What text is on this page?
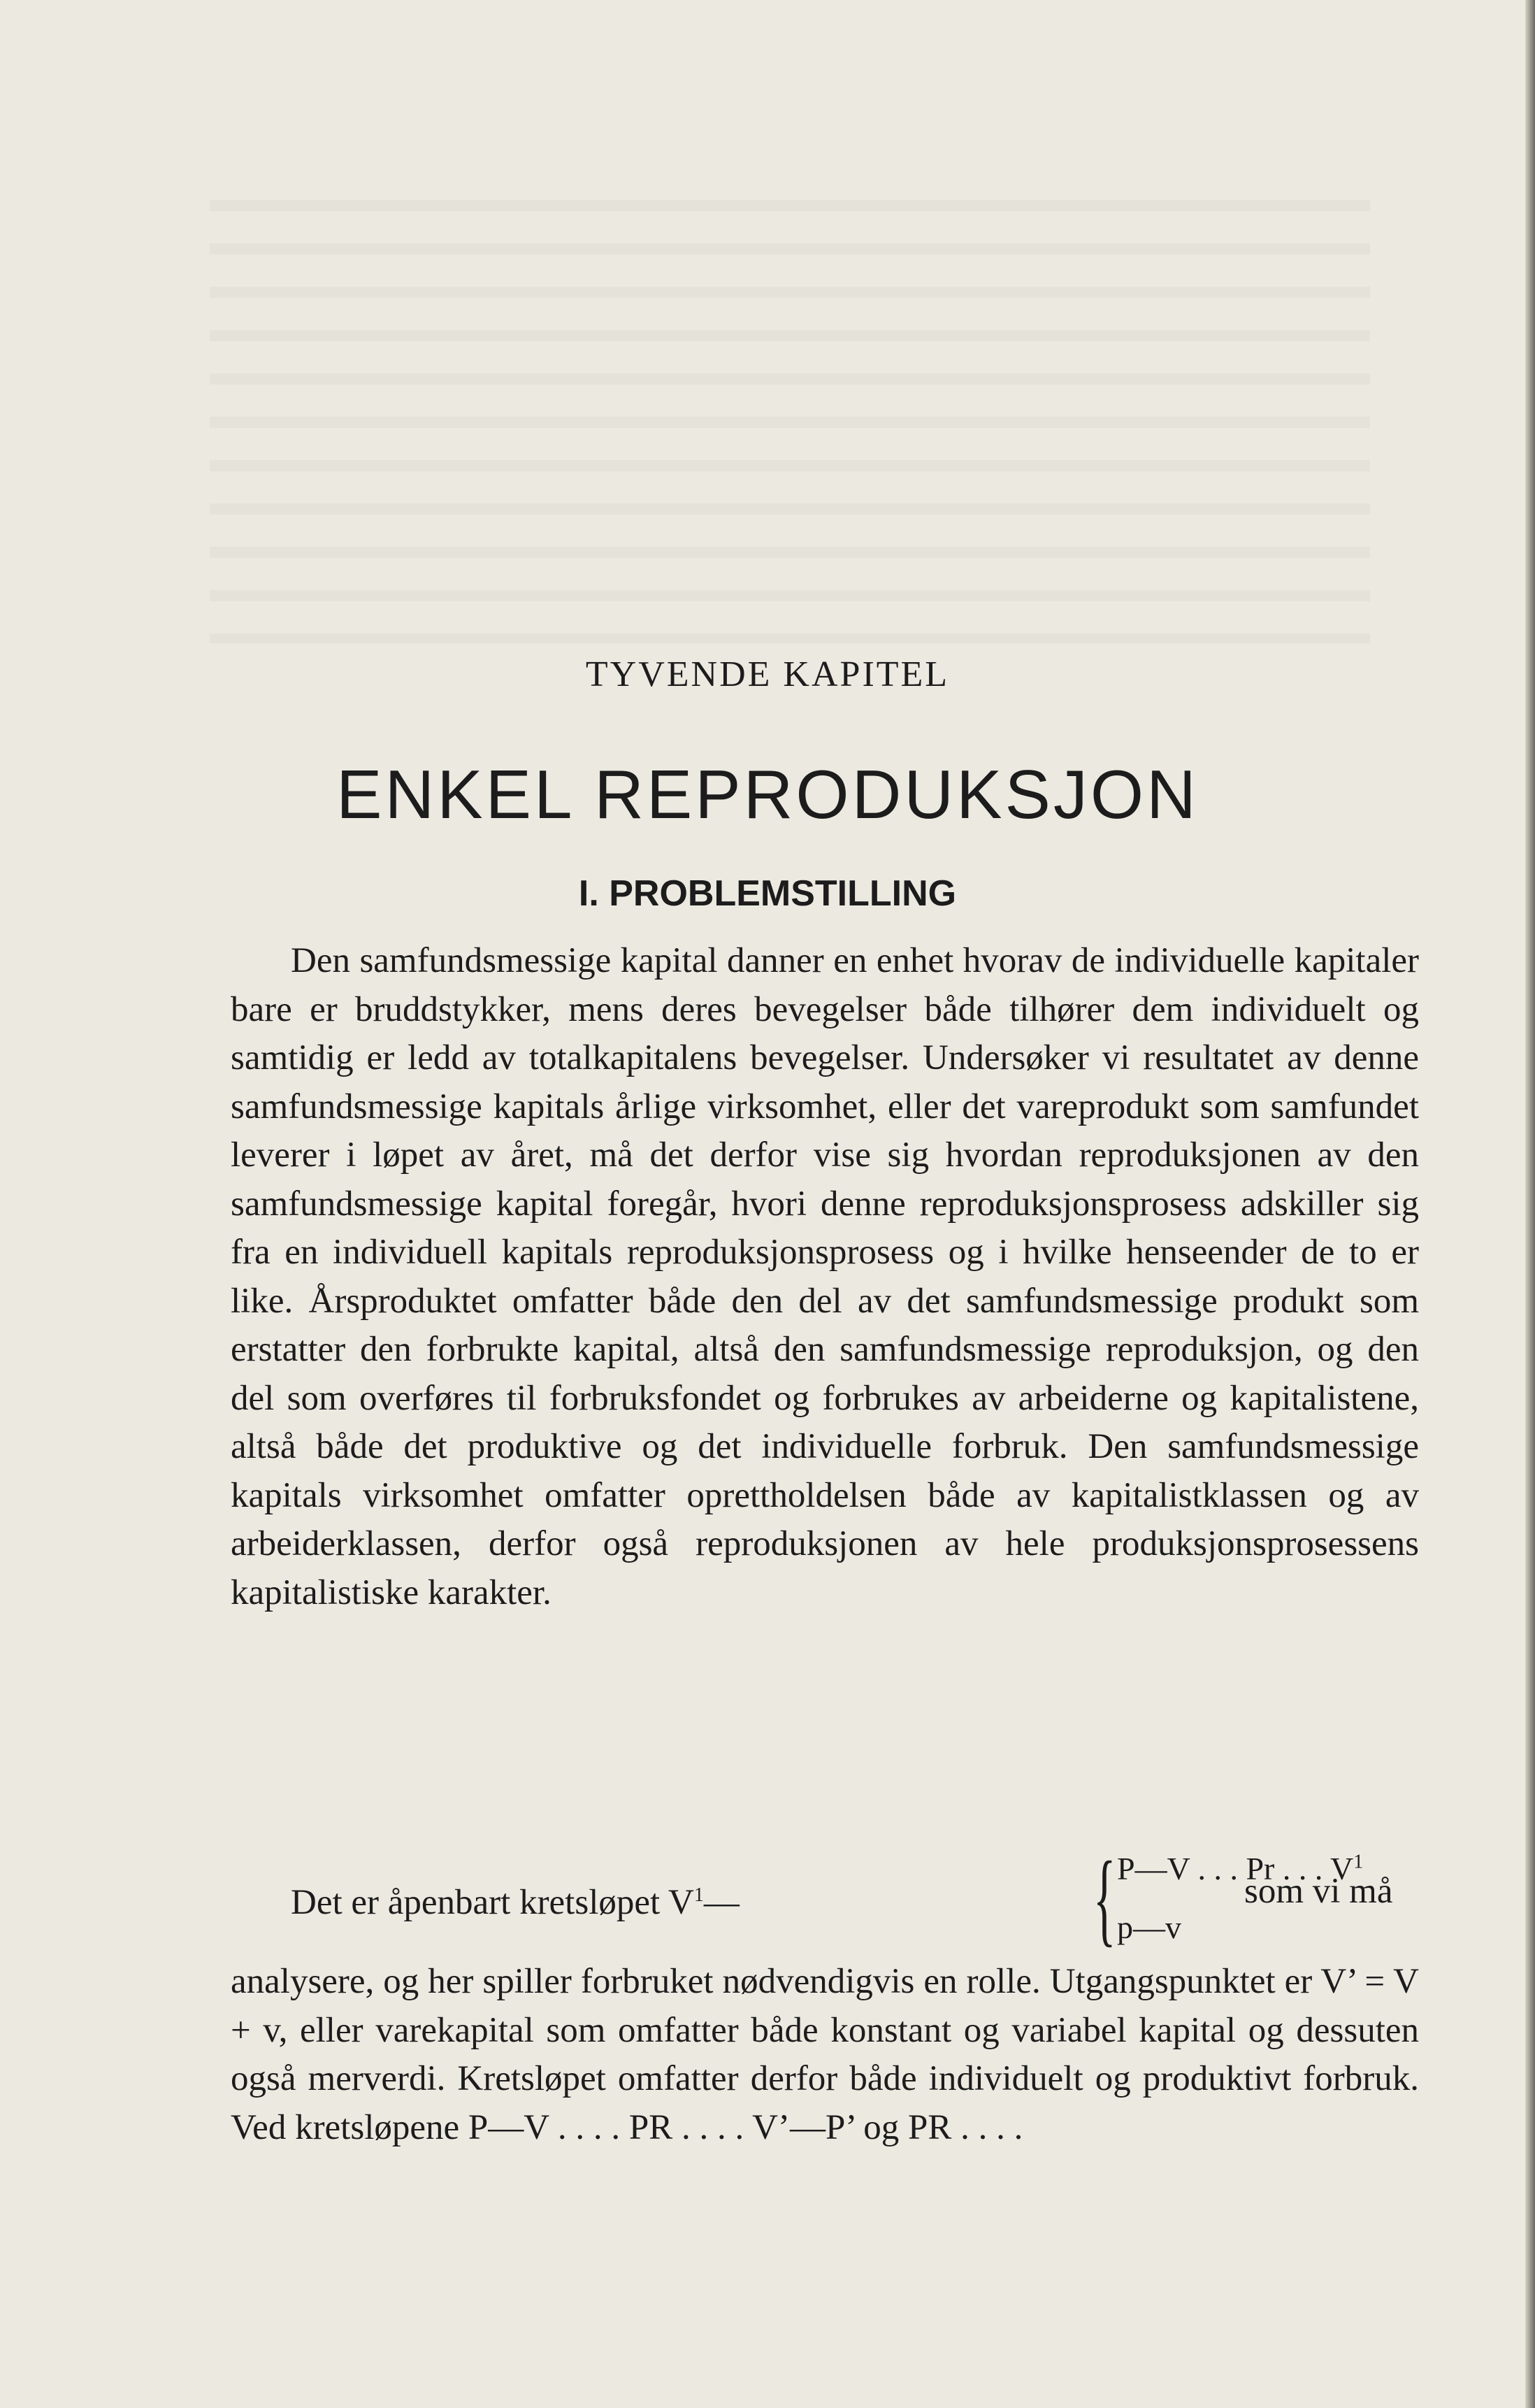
TYVENDE KAPITEL
ENKEL REPRODUKSJON
I. PROBLEMSTILLING

Den samfundsmessige kapital danner en enhet hvorav de individuelle kapitaler bare er bruddstykker, mens deres bevegelser både tilhører dem individuelt og samtidig er ledd av totalkapitalens bevegelser. Undersøker vi resultatet av denne samfundsmessige kapitals årlige virksomhet, eller det vareprodukt som samfundet leverer i løpet av året, må det derfor vise sig hvordan reproduksjonen av den samfundsmessige kapital foregår, hvori denne reproduksjonsprosess adskiller sig fra en individuell kapitals reproduksjonsprosess og i hvilke henseender de to er like. Årsproduktet omfatter både den del av det samfundsmessige produkt som erstatter den forbrukte kapital, altså den samfundsmessige reproduksjon, og den del som overføres til forbruksfondet og forbrukes av arbeiderne og kapitalistene, altså både det produktive og det individuelle forbruk. Den samfundsmessige kapitals virksomhet omfatter oprettholdelsen både av kapitalistklassen og av arbeiderklassen, derfor også reproduksjonen av hele produksjonsprosessens kapitalistiske karakter.

Det er åpenbart kretsløpet $V^1—$	{ P—V . . . Pr . . . $V^1$
p—v
som vi må

analysere, og her spiller forbruket nødvendigvis en rolle. Utgangspunktet er V’ = V + v, eller varekapital som omfatter både konstant og variabel kapital og dessuten også merverdi. Kretsløpet omfatter derfor både individuelt og produktivt forbruk. Ved kretsløpene P—V . . . . PR . . . . V’—P’ og PR . . . .
